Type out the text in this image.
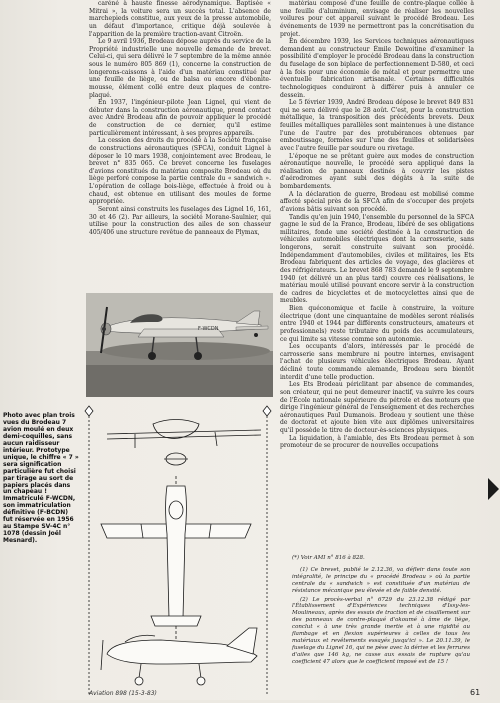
caréné à hauste finesse aérodynamique. Baptisée « Mitrai », la voiture sera un succès total. L'absence de marchepieds constitue, aux yeux de la presse automobile, un défaut d'importance, critique déjà soulevée à l'apparition de la première traction-avant Citroën.

Le 9 avril 1936, Brodeau dépose auprès du service de la Propriété industrielle une nouvelle demande de brevet. Celui-ci, qui sera délivré le 7 septembre de la même année sous le numéro 805 869 (1), concerne la construction de longerons-caissons à l'aide d'un matériau constitué par une feuille de liège, ou de balsa ou encore d'ébonite-mousse, élément collé entre deux plaques de contre-plaqué.

En 1937, l'ingénieur-pilote Jean Lignel, qui vient de débuter dans la construction aéronautique, prend contact avec André Brodeau afin de pouvoir appliquer le procédé de construction de ce dernier, qu'il estime particulièrement intéressant, à ses propres appareils.

La cession des droits du procédé à la Société française de constructions aéronautiques (SFCA), conduit Lignel à déposer le 10 mars 1938, conjointement avec Brodeau, le brevet n° 835 065. Ce brevet concerne les fuselages d'avions constitués du matériau composite Brodeau où du liège perforé compose la partie centrale du « sandwich ». L'opération de collage bois-liège, effectuée à froid ou à chaud, est obtenue en utilisant des moules de forme appropriée.

Seront ainsi construits les fuselages des Lignel 16, 161, 30 et 46 (2). Par ailleurs, la société Morane-Saulnier, qui utilise pour la construction des ailes de son chasseur 405/406 une structure revêtue de panneaux de Plymax,

F-WCDN
Photo avec plan trois vues du Brodeau 7 avion moulé en deux demi-coquilles, sans aucun raidisseur intérieur. Prototype unique, le chiffre « 7 » sera signification particulière fut choisi par tirage au sort de papiers placés dans un chapeau ! Immatriculé F-WCDN, son immatriculation définitive (F-BCDN) fut réservée en 1956 au Stampe SV-4C n° 1078 (dessin Joël Mesnard).

matériau composé d'une feuille de contre-plaque collée à une feuille d'aluminium, envisage de réaliser les nouvelles voilures pour cet appareil suivant le procédé Brodeau. Les événements de 1939 ne permettront pas la concrétisation du projet.

En décembre 1939, les Services techniques aéronautiques demandent au constructeur Émile Dewoitine d'examiner la possibilité d'employer le procédé Brodeau dans la construction du fuselage de son biplace de perfectionnement D-580, et ceci à la fois pour une économie de métal et pour permettre une éventuelle fabrication artisanale. Certaines difficultés technologiques conduiront à différer puis à annuler ce dessein.

Le 5 février 1939, André Brodeau dépose le brevet 849 831 qui ne sera délivré que le 28 août. C'est, pour la construction métallique, la transposition des précédents brevets. Deux feuilles métalliques parallèles sont maintenues à une distance l'une de l'autre par des protubérances obtenues par emboutissage, formées sur l'une des feuilles et solidarisées avec l'autre feuille par soudure ou rivetage.

L'époque ne se prêtant guère aux modes de construction aéronautique nouvelle, le procédé sera appliqué dans la réalisation de panneaux destinés à couvrir les pistes d'aérodromes ayant subi des dégâts à la suite de bombardements.

A la déclaration de guerre, Brodeau est mobilisé comme affecté spécial près de la SFCA afin de s'occuper des projets d'avions bâtis suivant son procédé.

Tandis qu'en juin 1940, l'ensemble du personnel de la SFCA gagne le sud de la France, Brodeau, libéré de ses obligations militaires, fonde une société destinée à la construction de véhicules automobiles électriques dont la carrosserie, sans longerons, serait construite suivant son procédé. Indépendamment d'automobiles, civiles et militaires, les Ets Brodeau fabriquent des articles de voyage, des glacières et des réfrigérateurs. Le brevet 868 783 demandé le 9 septembre 1940 (et délivré un an plus tard) couvre ces réalisations, le matériau moulé utilisé pouvant encore servir à la construction de cadres de bicyclettes et de motocyclettes ainsi que de meubles.

Bien quéconomique et facile à construire, la voiture électrique (dont une cinquantaine de modèles seront réalisés entre 1940 et 1944 par différents constructeurs, amateurs et professionnels) reste tributaire du poids des accumulateurs, ce qui limite sa vitesse comme son autonomie.

Les occupants d'alors, intéressés par le procédé de carrosserie sans membrure ni poutre internes, envisagent l'achat de plusieurs véhicules électriques Brodeau. Ayant décliné toute commande alemande, Brodeau sera bientôt interdit d'une telle production.

Les Ets Brodeau périclitant par absence de commandes, son créateur, qui ne peut demeurer inactif, va suivre les cours de l'École nationale supérieure du pétrole et des moteurs que dirige l'ingénieur général de l'enseignement et des recherches aéronautiques Paul Dumanois. Brodeau y soutient une thèse de doctorat et ajoute bien vite aux diplômes universitaires qu'il possède le titre de docteur-ès-sciences physiques.

La liquidation, à l'amiable, des Ets Brodeau permet à son promoteur de se procurer de nouvelles occupations

(*) Voir AMI n° 816 à 828.

(1) Ce brevet, publié le 2.12.36, va défleir dans toute son intégralité, le principe du « procédé Brodeau » où la partie centrale du « sandwich » est constituée d'un matériau de résistance mécanique peu élevée et de faible densité.

(2) Le procès-verbal n° 6729 du 23.12.38 rédigé par l'Établissement d'Expériences techniques d'Issy-les-Moulineaux, après des essais de traction et de cisaillement sur des panneaux de contre-plaqué d'okoumé à âme de liège, conclut « à une très grande inertie et à une rigidité au flambage et en flexion supérieures à celles de tous les matériaux et revêtements essayés jusqu'ici ». Le 20.11.39, le fuselage du Lignel 16, qui ne pèse avec la dérive et les ferrures d'ailes que 146 kg, ne casse aux essais de rupture qu'au coefficient 47 alors que le coefficient imposé est de 15 !

Aviation 898 (15-3-83)	61
